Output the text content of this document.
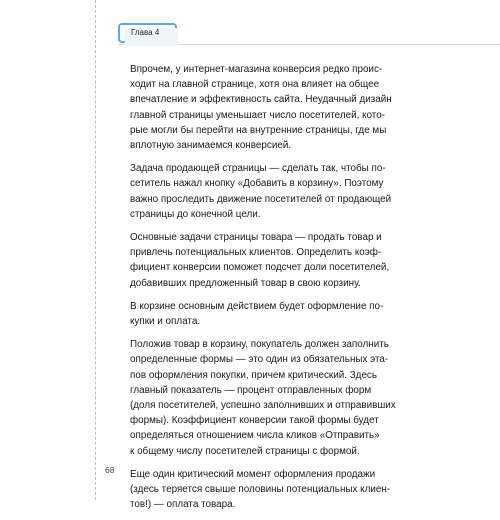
Глава 4

Впрочем, у интернет-магазина конверсия редко проис-
ходит на главной странице, хотя она влияет на общее
впечатление и эффективность сайта. Неудачный дизайн
главной страницы уменьшает число посетителей, кото-
рые могли бы перейти на внутренние страницы, где мы
вплотную занимаемся конверсией.

Задача продающей страницы — сделать так, чтобы по-
сетитель нажал кнопку «Добавить в корзину». Поэтому
важно проследить движение посетителей от продающей
страницы до конечной цели.

Основные задачи страницы товара — продать товар и
привлечь потенциальных клиентов. Определить коэф-
фициент конверсии поможет подсчет доли посетителей,
добавивших предложенный товар в свою корзину.

В корзине основным действием будет оформление по-
купки и оплата.

Положив товар в корзину, покупатель должен заполнить
определенные формы — это один из обязательных эта-
пов оформления покупки, причем критический. Здесь
главный показатель — процент отправленных форм
(доля посетителей, успешно заполнивших и отправивших
формы). Коэффициент конверсии такой формы будет
определяться отношением числа кликов «Отправить»
к общему числу посетителей страницы с формой.

Еще один критический момент оформления продажи
(здесь теряется свыше половины потенциальных клиен-
тов!) — оплата товара.

68
